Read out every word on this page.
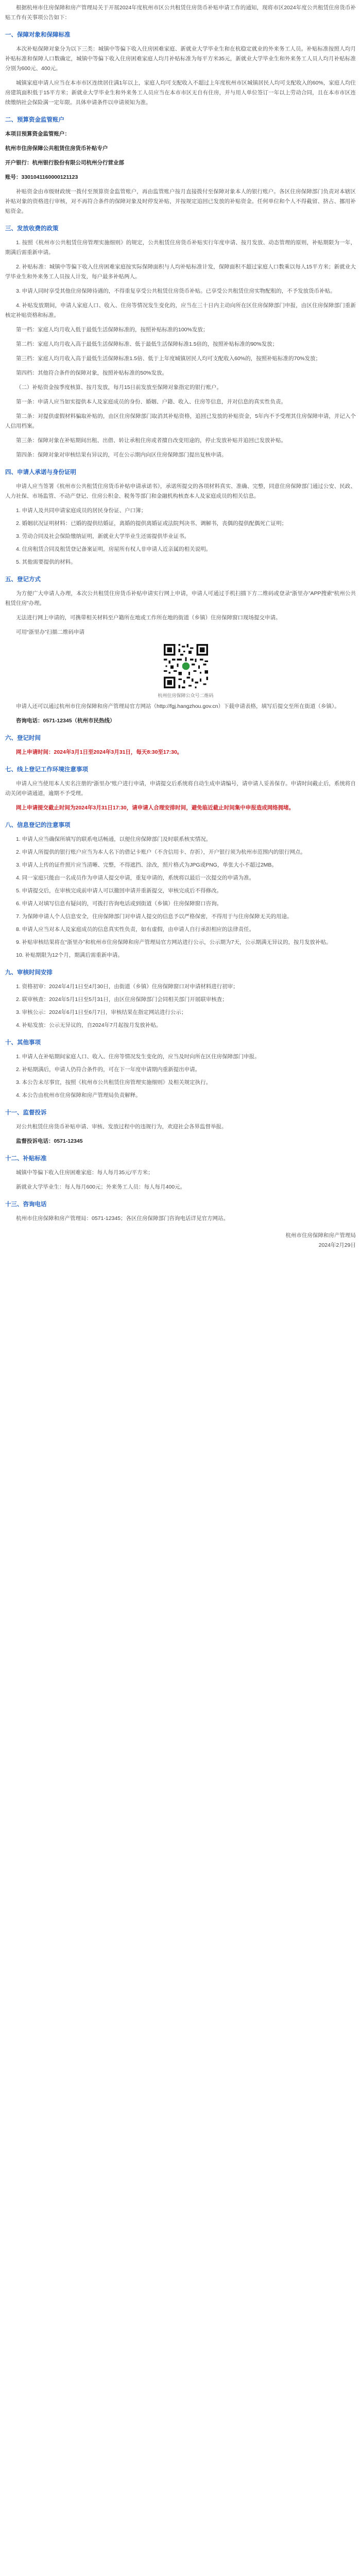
根据杭州市住房保障和房产管理局关于开展2024年度杭州市区公共租赁住房货币补贴申请工作的通知，现将市区2024年度公共租赁住房货币补贴工作有关事项公告如下：

一、保障对象和保障标准

本次补贴保障对象分为以下三类：城镇中等偏下收入住房困难家庭、新就业大学毕业生和在杭稳定就业的外来务工人员。补贴标准按照人均月补贴标准和保障人口数确定，城镇中等偏下收入住房困难家庭人均月补贴标准为每平方米35元，新就业大学毕业生和外来务工人员人均月补贴标准分别为600元、400元。

城镇家庭申请人应当在本市市区连续居住满1年以上，家庭人均可支配收入不超过上年度杭州市区城镇居民人均可支配收入的60%，家庭人均住房建筑面积低于15平方米；新就业大学毕业生和外来务工人员应当在本市市区无自有住房，并与用人单位签订一年以上劳动合同，且在本市市区连续缴纳社会保险满一定年限。具体申请条件以申请须知为准。

二、预算资金监管账户

本项目预算资金监管账户：

杭州市住房保障公共租赁住房货币补贴专户

开户银行：杭州银行股份有限公司杭州分行营业部

账号：3301041160000121123

补贴资金由市级财政统一拨付至预算资金监管账户，再由监管账户按月直接拨付至保障对象本人的银行账户。各区住房保障部门负责对本辖区补贴对象的资格进行审核，对不再符合条件的保障对象及时停发补贴，并按规定追回已发放的补贴资金。任何单位和个人不得截留、挤占、挪用补贴资金。

三、发放收费的政策

1. 按照《杭州市公共租赁住房管理实施细则》的规定，公共租赁住房货币补贴实行年度申请、按月发放、动态管理的原则，补贴期限为一年，期满后需重新申请。

2. 补贴标准：城镇中等偏下收入住房困难家庭按实际保障面积与人均补贴标准计发，保障面积不超过家庭人口数乘以每人15平方米；新就业大学毕业生和外来务工人员按人计发，每户最多补贴两人。

3. 申请人同时享受其他住房保障待遇的，不得重复享受公共租赁住房货币补贴。已享受公共租赁住房实物配租的，不予发放货币补贴。

4. 补贴发放期间，申请人家庭人口、收入、住房等情况发生变化的，应当在三十日内主动向所在区住房保障部门申报，由区住房保障部门重新核定补贴资格和标准。

第一档：家庭人均月收入低于最低生活保障标准的，按照补贴标准的100%发放；

第二档：家庭人均月收入高于最低生活保障标准、低于最低生活保障标准1.5倍的，按照补贴标准的90%发放；

第三档：家庭人均月收入高于最低生活保障标准1.5倍、低于上年度城镇居民人均可支配收入60%的，按照补贴标准的70%发放；

第四档：其他符合条件的保障对象，按照补贴标准的50%发放。

（二）补贴资金按季度核算、按月发放，每月15日前发放至保障对象指定的银行账户。

第一条：申请人应当如实提供本人及家庭成员的身份、婚姻、户籍、收入、住房等信息，并对信息的真实性负责。

第二条：对提供虚假材料骗取补贴的，由区住房保障部门取消其补贴资格，追回已发放的补贴资金，5年内不予受理其住房保障申请，并记入个人信用档案。

第三条：保障对象在补贴期间出租、出借、转让承租住房或者擅自改变用途的，停止发放补贴并追回已发放补贴。

第四条：保障对象对审核结果有异议的，可在公示期内向区住房保障部门提出复核申请。

四、申请人承诺与身份证明

申请人应当签署《杭州市公共租赁住房货币补贴申请承诺书》，承诺所提交的各项材料真实、准确、完整，同意住房保障部门通过公安、民政、人力社保、市场监管、不动产登记、住房公积金、税务等部门和金融机构核查本人及家庭成员的相关信息。

1. 申请人及共同申请家庭成员的居民身份证、户口簿；

2. 婚姻状况证明材料：已婚的提供结婚证，离婚的提供离婚证或法院判决书、调解书，丧偶的提供配偶死亡证明；

3. 劳动合同及社会保险缴纳证明，新就业大学毕业生还需提供毕业证书。

4. 住房租赁合同及租赁登记备案证明，房屋所有权人非申请人近亲属的相关说明。

5. 其他需要提供的材料。

五、登记方式

为方便广大申请人办理，本次公共租赁住房货币补贴申请实行网上申请，申请人可通过手机扫描下方二维码或登录“浙里办”APP搜索“杭州公共租赁住房”办理。

无法进行网上申请的，可携带相关材料至户籍所在地或工作所在地的街道（乡镇）住房保障窗口现场提交申请。

可用“浙里办”扫描二维码申请

杭州住房保障公众号二维码

申请人还可以通过杭州市住房保障和房产管理局官方网站（http://fgj.hangzhou.gov.cn）下载申请表格，填写后提交至所在街道（乡镇）。

咨询电话：0571-12345（杭州市民热线）

六、登记时间

网上申请时间：2024年3月1日至2024年3月31日，每天8:30至17:30。

七、线上登记工作环境注意事项

申请人应当使用本人实名注册的“浙里办”账户进行申请，申请提交后系统将自动生成申请编号，请申请人妥善保存。申请时间截止后，系统将自动关闭申请通道，逾期不予受理。

网上申请提交截止时间为2024年3月31日17:30，请申请人合理安排时间，避免临近截止时间集中申报造成网络拥堵。

八、信息登记的注意事项

1. 申请人应当确保所填写的联系电话畅通，以便住房保障部门及时联系核实情况。

2. 申请人所提供的银行账户应当为本人名下的借记卡账户（不含信用卡、存折），开户银行须为杭州市范围内的银行网点。

3. 申请人上传的证件照片应当清晰、完整，不得遮挡、涂改，照片格式为JPG或PNG，单张大小不超过2MB。

4. 同一家庭只能由一名成员作为申请人提交申请，重复申请的，系统将以最后一次提交的申请为准。

5. 申请提交后，在审核完成前申请人可以撤回申请并重新提交，审核完成后不得修改。

6. 申请人对填写信息有疑问的，可拨打咨询电话或到街道（乡镇）住房保障窗口咨询。

7. 为保障申请人个人信息安全，住房保障部门对申请人提交的信息予以严格保密，不得用于与住房保障无关的用途。

8. 申请人应当对本人及家庭成员的信息真实性负责，如有虚假，由申请人自行承担相应的法律责任。

9. 补贴审核结果将在“浙里办”和杭州市住房保障和房产管理局官方网站进行公示，公示期为7天，公示期满无异议的，按月发放补贴。

10. 补贴期限为12个月，期满后需重新申请。

九、审核时间安排

1. 资格初审：2024年4月1日至4月30日，由街道（乡镇）住房保障窗口对申请材料进行初审；

2. 联审核查：2024年5月1日至5月31日，由区住房保障部门会同相关部门开展联审核查；

3. 审核公示：2024年6月1日至6月7日，审核结果在指定网站进行公示；

4. 补贴发放：公示无异议的，自2024年7月起按月发放补贴。

十、其他事项

1. 申请人在补贴期间家庭人口、收入、住房等情况发生变化的，应当及时向所在区住房保障部门申报。

2. 补贴期满后，申请人仍符合条件的，可在下一年度申请期内重新提出申请。

3. 本公告未尽事宜，按照《杭州市公共租赁住房管理实施细则》及相关规定执行。

4. 本公告由杭州市住房保障和房产管理局负责解释。

十一、监督投诉

对公共租赁住房货币补贴申请、审核、发放过程中的违规行为，欢迎社会各界监督举报。

监督投诉电话：0571-12345

十二、补贴标准

城镇中等偏下收入住房困难家庭：每人每月35元/平方米；

新就业大学毕业生：每人每月600元；外来务工人员：每人每月400元。

十三、咨询电话

杭州市住房保障和房产管理局：0571-12345；各区住房保障部门咨询电话详见官方网站。

杭州市住房保障和房产管理局
2024年2月29日
